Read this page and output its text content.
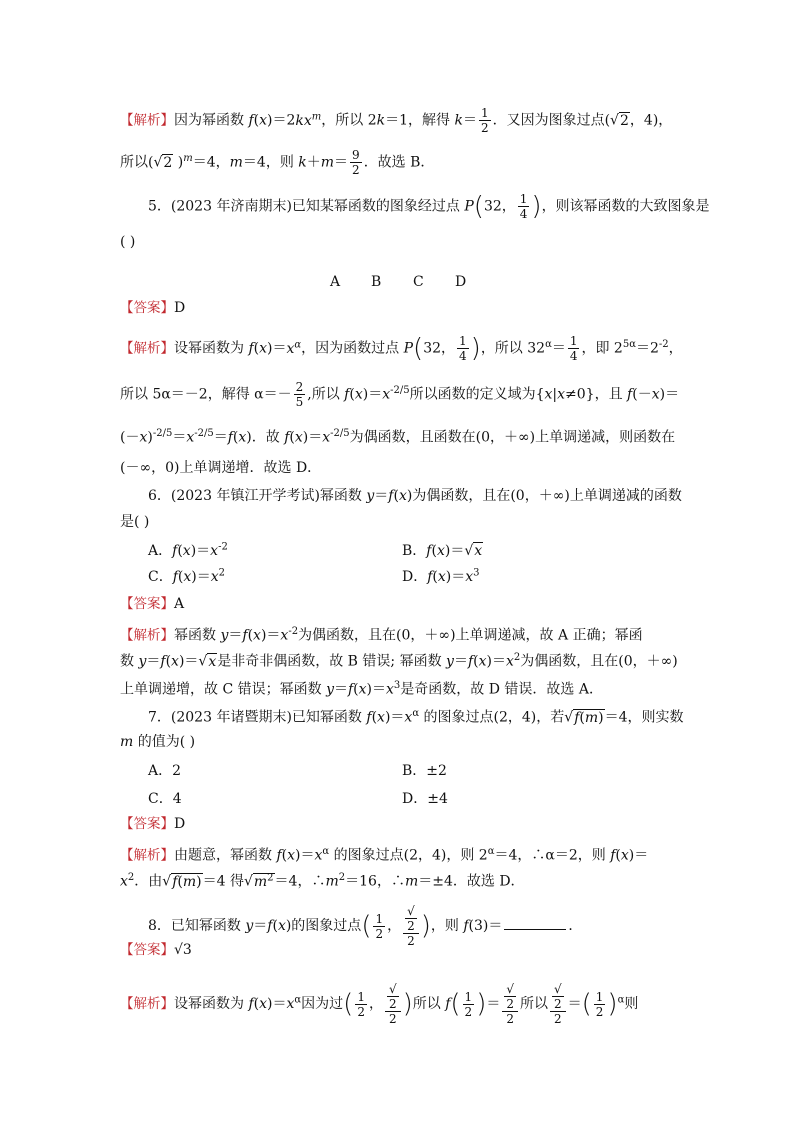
【解析】因为幂函数 $f(x)=2kx^m$，所以 2k＝1，解得 $k= \frac{1}{2}$ ．又因为图象过点(√2，4)，
所以(√2 )$^m$＝4，m＝4，则 $k+m= \frac{9}{2}$ ．故选 B．
5．(2023 年济南期末)已知某幂函数的图象经过点 P(32， $\frac{1}{4}$ )，则该幂函数的大致图象是
( )
A B C D
【答案】D
【解析】设幂函数为 $f(x)=x^\alpha$，因为函数过点 P(32， $\frac{1}{4}$ )，所以 $32^\alpha= \frac{1}{4}$ ，即 $2^{5\alpha}=2^{-2}$，
所以 5α＝－2，解得 $\alpha=- \frac{2}{5}$ ,所以 $f(x)=x^{-2/5}$所以函数的定义域为{x|x≠0}，且 f(－x)＝
$(-x)^{-2/5}=x^{-2/5}=f(x)$．故 $f(x)=x^{-2/5}$为偶函数，且函数在(0，＋∞)上单调递减，则函数在
(－∞，0)上单调递增．故选 D．
6．(2023 年镇江开学考试)幂函数 y＝f(x)为偶函数，且在(0，＋∞)上单调递减的函数
是( )
A．$f(x)=x^{-2}$	B．f(x)＝√x
C．$f(x)=x^2$	D．$f(x)=x^3$
【答案】A
【解析】幂函数 $y=f(x)=x^{-2}$为偶函数，且在(0，＋∞)上单调递减，故 A 正确；幂函
数 y＝f(x)＝√x是非奇非偶函数，故 B 错误; 幂函数 $y=f(x)=x^2$为偶函数，且在(0，＋∞)
上单调递增，故 C 错误；幂函数 $y=f(x)=x^3$是奇函数，故 D 错误．故选 A．
7．(2023 年诸暨期末)已知幂函数 $f(x)=x^\alpha$ 的图象过点(2，4)，若√f(m)＝4，则实数
m 的值为( )
A．2	B．±2
C．4	D．±4
【答案】D
【解析】由题意，幂函数 $f(x)=x^\alpha$ 的图象过点(2，4)，则 $2^\alpha=4$，∴α＝2，则 f(x)＝
$x^2$．由√f(m)＝4 得$√m^2=4$，$\therefore m^2=16$，∴m＝±4．故选 D．
8．已知幂函数 y＝f(x)的图象过点( $\frac{1}{2}$ ， √
2
2 )，则 f(3)＝	．
【答案】√3
【解析】设幂函数为 $f(x)=x^\alpha$因为过( $\frac{1}{2}$ ， √
2
2 )所以 $f( \frac{1}{2}$ )＝ √
2
2 所以 √
2
2 ＝( $\frac{1}{2} )^\alpha$则
